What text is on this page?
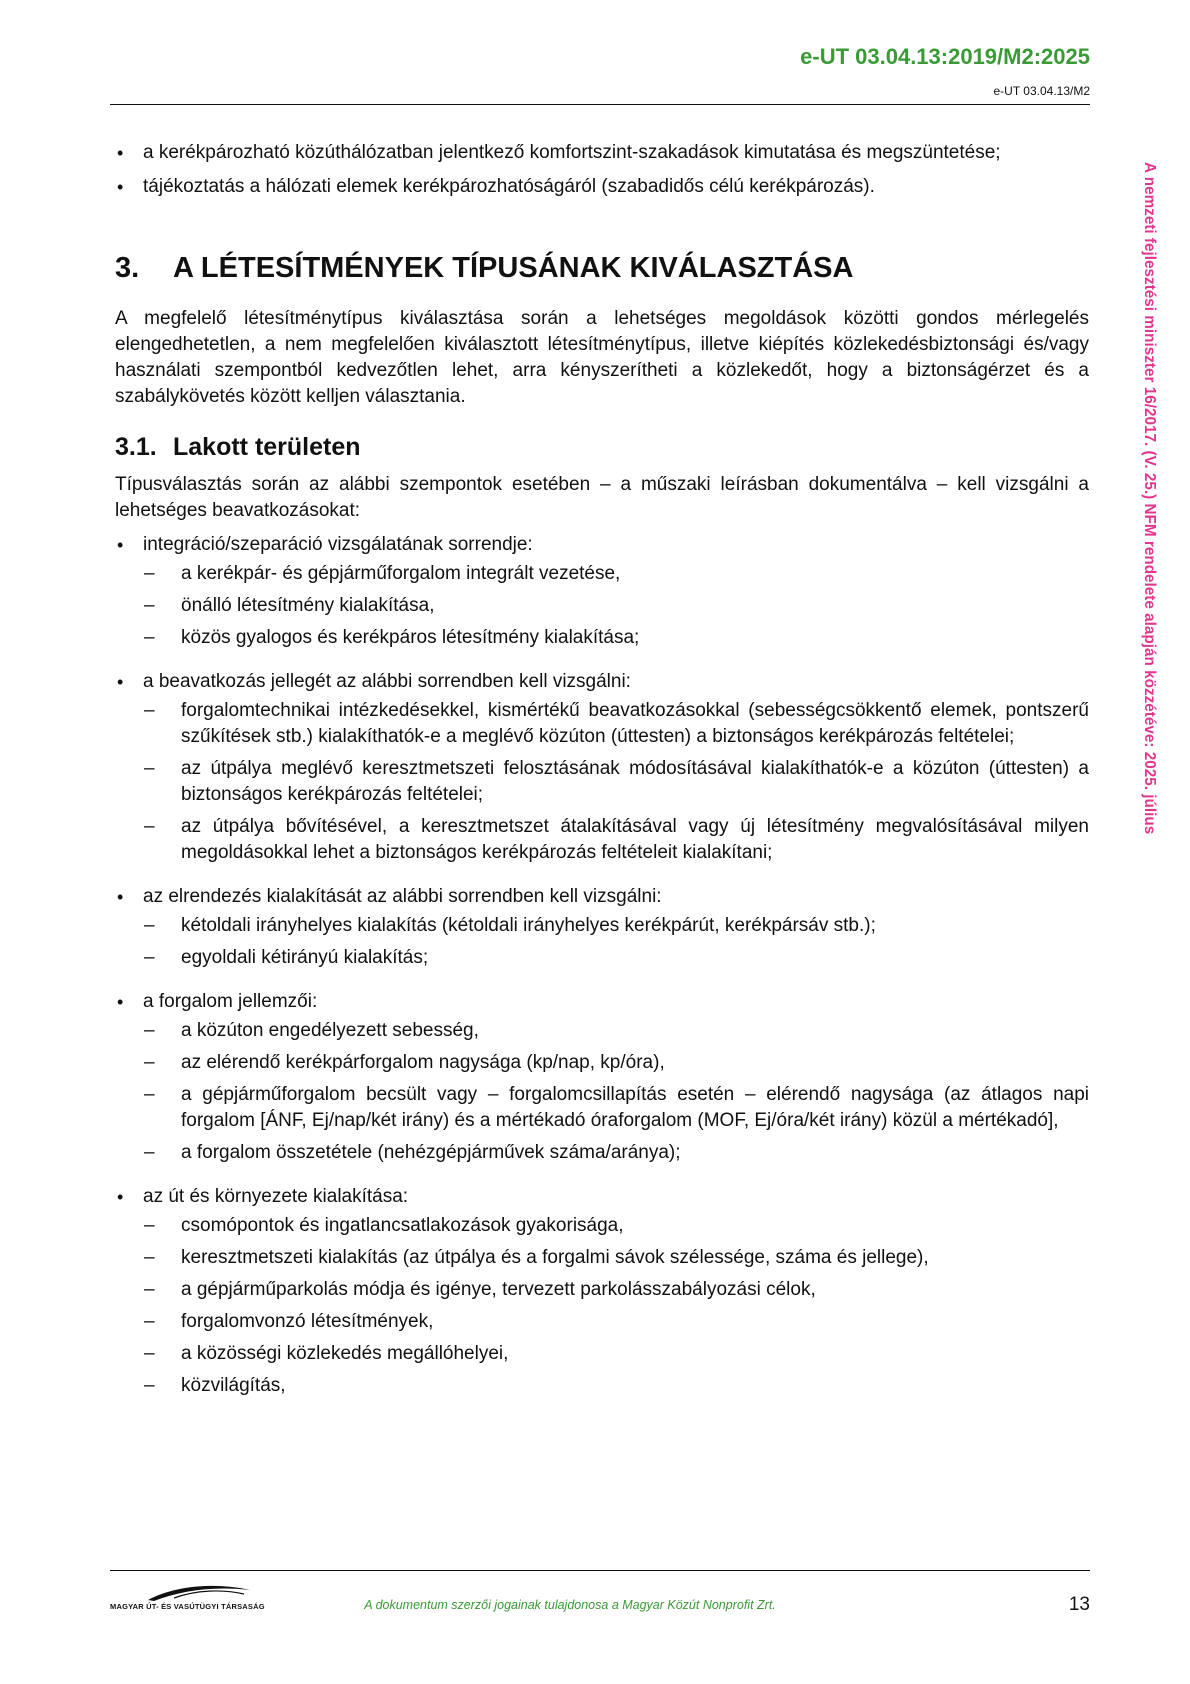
e-UT 03.04.13:2019/M2:2025
e-UT 03.04.13/M2
A nemzeti fejlesztési miniszter 16/2017. (V. 25.) NFM rendelete alapján közzétéve: 2025. július
• a kerékpározható közúthálózatban jelentkező komfortszint-szakadások kimutatása és megszüntetése;
• tájékoztatás a hálózati elemek kerékpározhatóságáról (szabadidős célú kerékpározás).
3. A LÉTESÍTMÉNYEK TÍPUSÁNAK KIVÁLASZTÁSA

A megfelelő létesítménytípus kiválasztása során a lehetséges megoldások közötti gondos mérlegelés elengedhetetlen, a nem megfelelően kiválasztott létesítménytípus, illetve kiépítés közlekedésbiztonsági és/vagy használati szempontból kedvezőtlen lehet, arra kényszerítheti a közlekedőt, hogy a biztonságérzet és a szabálykövetés között kelljen választania.

3.1. Lakott területen

Típusválasztás során az alábbi szempontok esetében – a műszaki leírásban dokumentálva – kell vizsgálni a lehetséges beavatkozásokat:

• integráció/szeparáció vizsgálatának sorrendje:
– a kerékpár- és gépjárműforgalom integrált vezetése,
– önálló létesítmény kialakítása,
– közös gyalogos és kerékpáros létesítmény kialakítása;
• a beavatkozás jellegét az alábbi sorrendben kell vizsgálni:
– forgalomtechnikai intézkedésekkel, kismértékű beavatkozásokkal (sebességcsökkentő elemek, pontszerű szűkítések stb.) kialakíthatók-e a meglévő közúton (úttesten) a biztonságos kerékpározás feltételei;
– az útpálya meglévő keresztmetszeti felosztásának módosításával kialakíthatók-e a közúton (úttesten) a biztonságos kerékpározás feltételei;
– az útpálya bővítésével, a keresztmetszet átalakításával vagy új létesítmény megvalósításával milyen megoldásokkal lehet a biztonságos kerékpározás feltételeit kialakítani;
• az elrendezés kialakítását az alábbi sorrendben kell vizsgálni:
– kétoldali irányhelyes kialakítás (kétoldali irányhelyes kerékpárút, kerékpársáv stb.);
– egyoldali kétirányú kialakítás;
• a forgalom jellemzői:
– a közúton engedélyezett sebesség,
– az elérendő kerékpárforgalom nagysága (kp/nap, kp/óra),
– a gépjárműforgalom becsült vagy – forgalomcsillapítás esetén – elérendő nagysága (az átlagos napi forgalom [ÁNF, Ej/nap/két irány) és a mértékadó óraforgalom (MOF, Ej/óra/két irány) közül a mértékadó],
– a forgalom összetétele (nehézgépjárművek száma/aránya);
• az út és környezete kialakítása:
– csomópontok és ingatlancsatlakozások gyakorisága,
– keresztmetszeti kialakítás (az útpálya és a forgalmi sávok szélessége, száma és jellege),
– a gépjárműparkolás módja és igénye, tervezett parkolásszabályozási célok,
– forgalomvonzó létesítmények,
– a közösségi közlekedés megállóhelyei,
– közvilágítás,
MAGYAR ÚT- ÉS VASÚTÜGYI TÁRSASÁG	A dokumentum szerzői jogainak tulajdonosa a Magyar Közút Nonprofit Zrt.	13
